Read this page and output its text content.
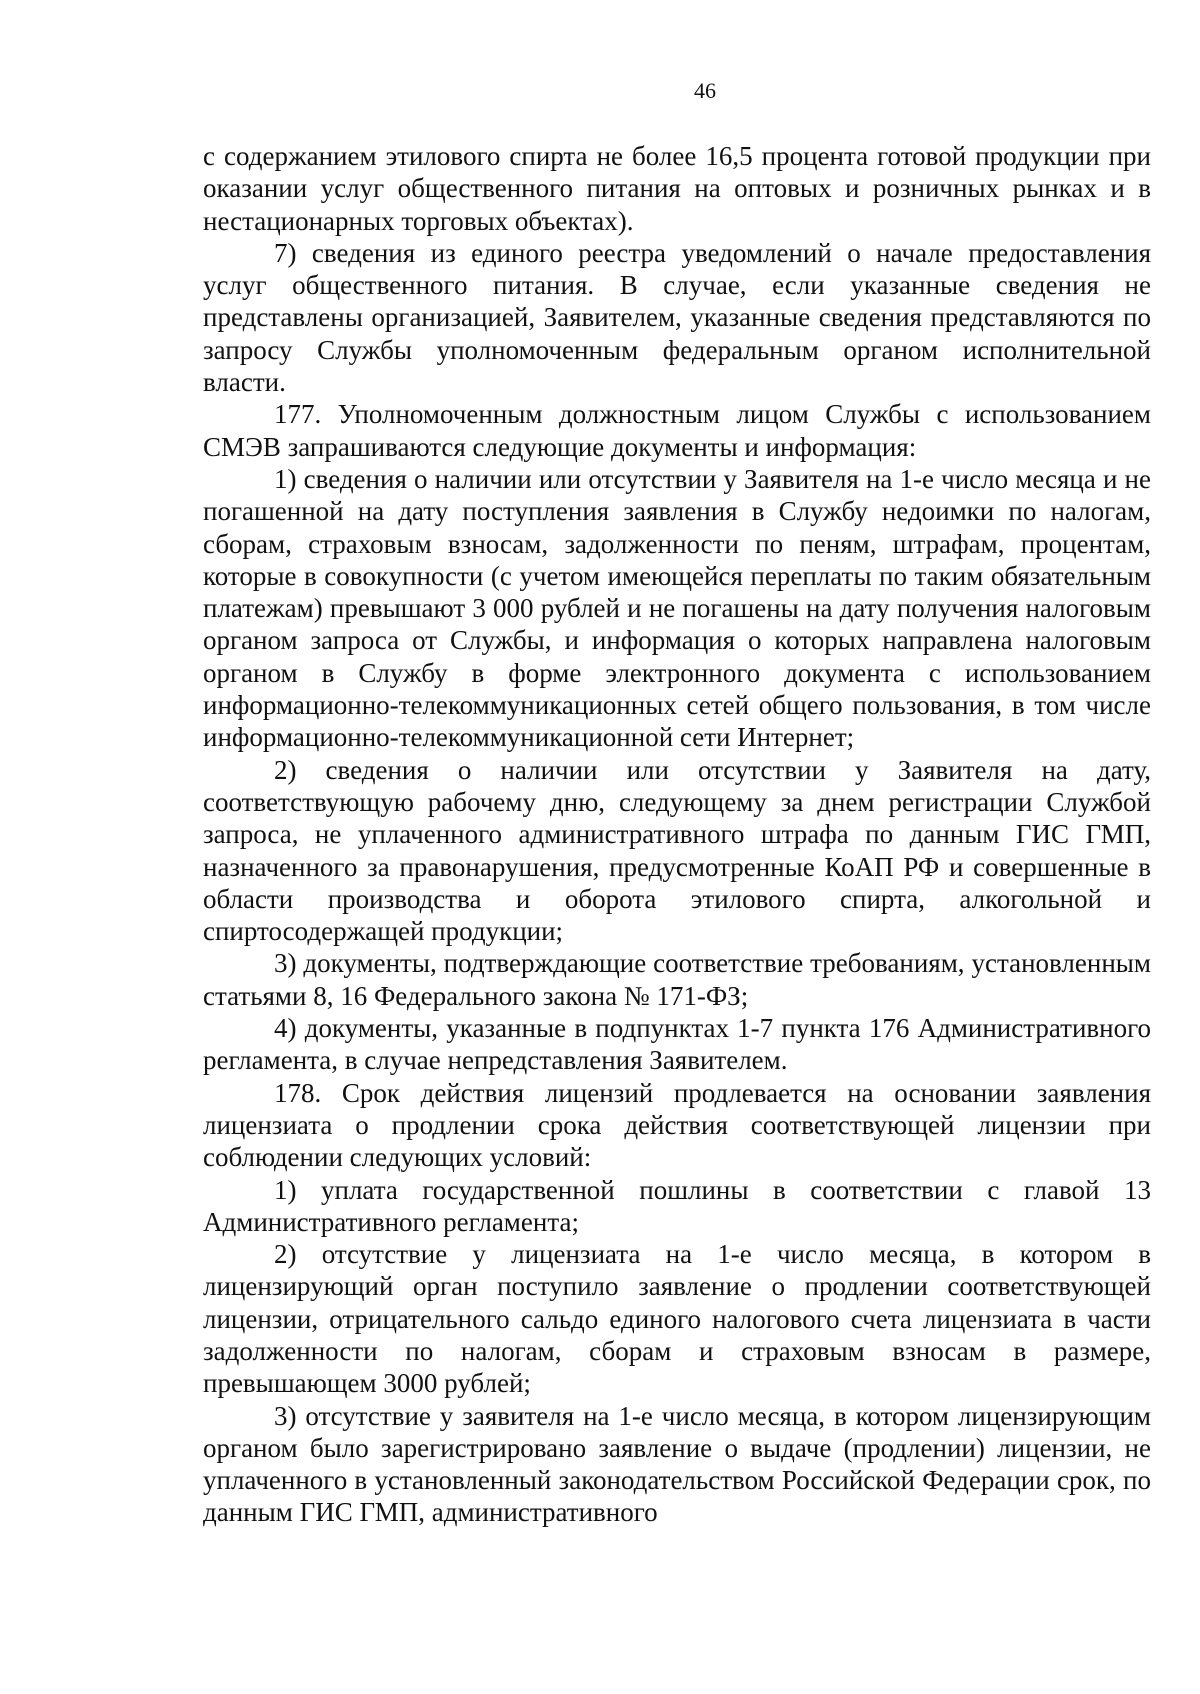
46

с содержанием этилового спирта не более 16,5 процента готовой продукции при оказании услуг общественного питания на оптовых и розничных рынках и в нестационарных торговых объектах).

7) сведения из единого реестра уведомлений о начале предоставления услуг общественного питания. В случае, если указанные сведения не представлены организацией, Заявителем, указанные сведения представляются по запросу Службы уполномоченным федеральным органом исполнительной власти.

177. Уполномоченным должностным лицом Службы с использованием СМЭВ запрашиваются следующие документы и информация:

1) сведения о наличии или отсутствии у Заявителя на 1-е число месяца и не погашенной на дату поступления заявления в Службу недоимки по налогам, сборам, страховым взносам, задолженности по пеням, штрафам, процентам, которые в совокупности (с учетом имеющейся переплаты по таким обязательным платежам) превышают 3 000 рублей и не погашены на дату получения налоговым органом запроса от Службы, и информация о которых направлена налоговым органом в Службу в форме электронного документа с использованием информационно-телекоммуникационных сетей общего пользования, в том числе информационно-телекоммуникационной сети Интернет;

2) сведения о наличии или отсутствии у Заявителя на дату, соответствующую рабочему дню, следующему за днем регистрации Службой запроса, не уплаченного административного штрафа по данным ГИС ГМП, назначенного за правонарушения, предусмотренные КоАП РФ и совершенные в области производства и оборота этилового спирта, алкогольной и спиртосодержащей продукции;

3) документы, подтверждающие соответствие требованиям, установленным статьями 8, 16 Федерального закона № 171-ФЗ;

4) документы, указанные в подпунктах 1-7 пункта 176 Административного регламента, в случае непредставления Заявителем.

178. Срок действия лицензий продлевается на основании заявления лицензиата о продлении срока действия соответствующей лицензии при соблюдении следующих условий:

1) уплата государственной пошлины в соответствии с главой 13 Административного регламента;

2) отсутствие у лицензиата на 1-е число месяца, в котором в лицензирующий орган поступило заявление о продлении соответствующей лицензии, отрицательного сальдо единого налогового счета лицензиата в части задолженности по налогам, сборам и страховым взносам в размере, превышающем 3000 рублей;

3) отсутствие у заявителя на 1-е число месяца, в котором лицензирующим органом было зарегистрировано заявление о выдаче (продлении) лицензии, не уплаченного в установленный законодательством Российской Федерации срок, по данным ГИС ГМП, административного
